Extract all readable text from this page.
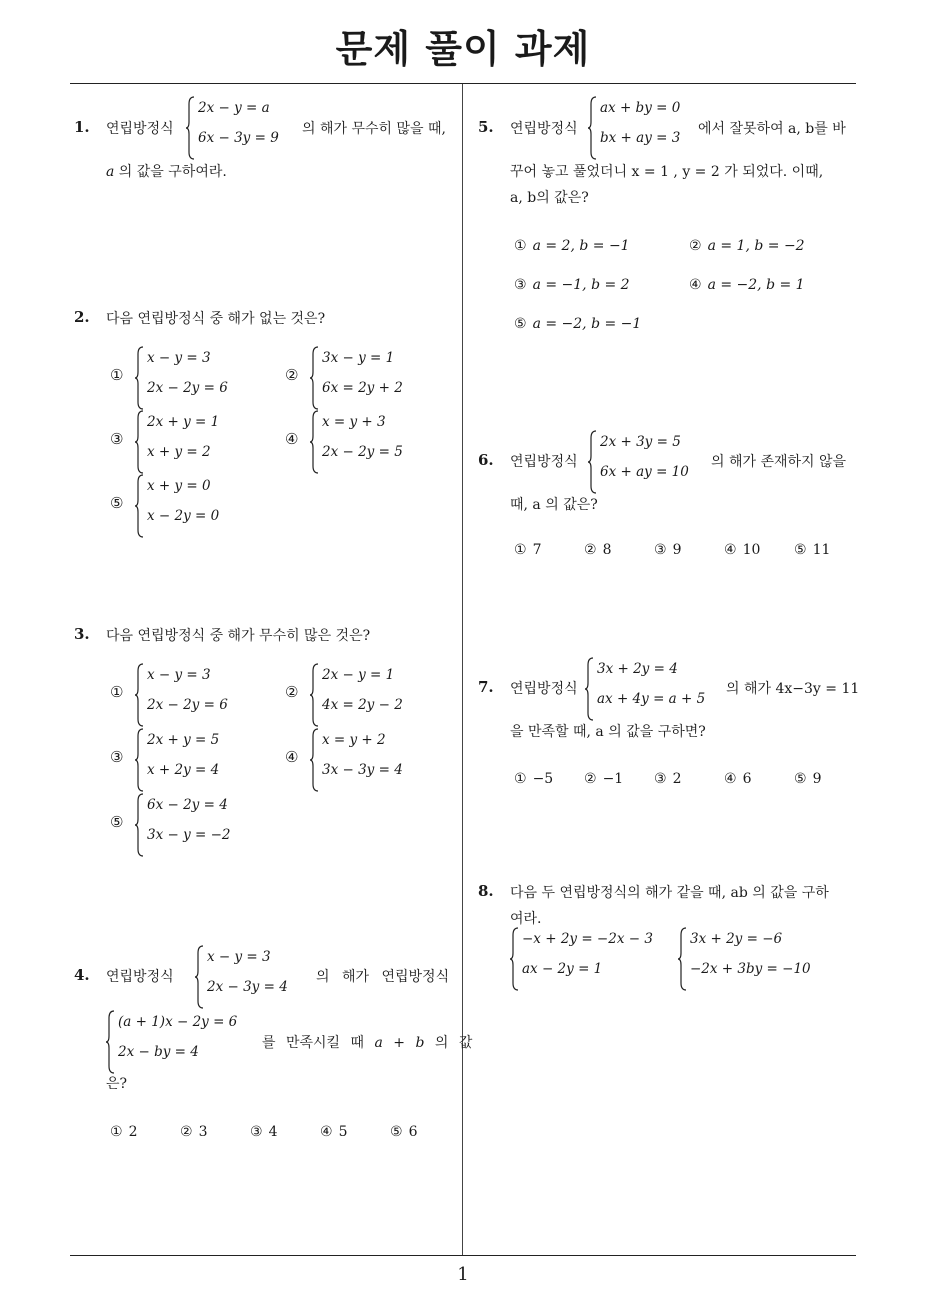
문제 풀이 과제
1
1. 연립방정식
2x − y = a
6x − 3y = 9
의 해가 무수히 많을 때,
a 의 값을 구하여라.
2. 다음 연립방정식 중 해가 없는 것은?
①
x − y = 3
2x − 2y = 6
②
3x − y = 1
6x = 2y + 2
③
2x + y = 1
x + y = 2
④
x = y + 3
2x − 2y = 5
⑤
x + y = 0
x − 2y = 0
3. 다음 연립방정식 중 해가 무수히 많은 것은?
①
x − y = 3
2x − 2y = 6
②
2x − y = 1
4x = 2y − 2
③
2x + y = 5
x + 2y = 4
④
x = y + 2
3x − 3y = 4
⑤
6x − 2y = 4
3x − y = −2
4. 연립방정식
x − y = 3
2x − 3y = 4
의 해가 연립방정식
(a + 1)x − 2y = 6
2x − by = 4
를 만족시킬 때 a + b 의 값
은?
① 2	② 3	③ 4	④ 5	⑤ 6
5. 연립방정식
ax + by = 0
bx + ay = 3
에서 잘못하여 a, b를 바
꾸어 놓고 풀었더니 x = 1 , y = 2 가 되었다. 이때,
a, b의 값은?
① a = 2, b = −1	② a = 1, b = −2
③ a = −1, b = 2	④ a = −2, b = 1
⑤ a = −2, b = −1
6. 연립방정식
2x + 3y = 5
6x + ay = 10
의 해가 존재하지 않을
때, a 의 값은?
① 7	② 8	③ 9	④ 10 ⑤ 11
7. 연립방정식
3x + 2y = 4
ax + 4y = a + 5
의 해가 4x−3y = 11
을 만족할 때, a 의 값을 구하면?
① −5 ② −1 ③ 2	④ 6	⑤ 9
8. 다음 두 연립방정식의 해가 같을 때, ab 의 값을 구하
여라.
−x + 2y = −2x − 3
ax − 2y = 1
3x + 2y = −6
−2x + 3by = −10
